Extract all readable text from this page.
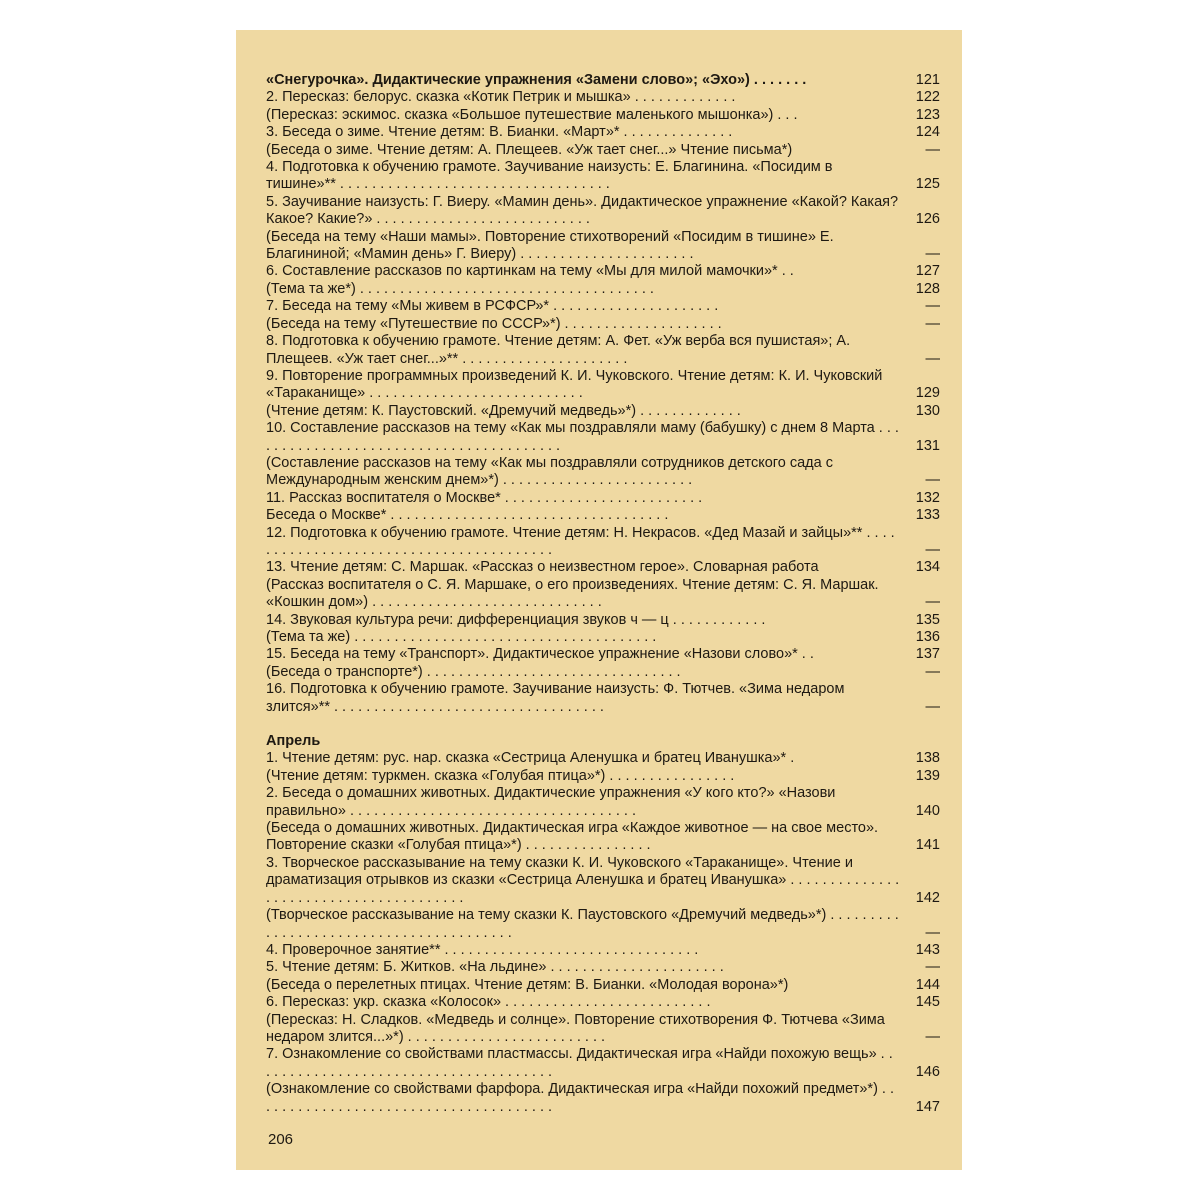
«Снегурочка». Дидактические упражнения «Замени слово»; «Эхо») . . . . . . .	121
2. Пересказ: белорус. сказка «Котик Петрик и мышка» . . . . . . . . . . . . .	122
(Пересказ: эскимос. сказка «Большое путешествие маленького мышонка») . . .	123
3. Беседа о зиме. Чтение детям: В. Бианки. «Март»* . . . . . . . . . . . . . .	124
(Беседа о зиме. Чтение детям: А. Плещеев. «Уж тает снег...» Чтение письма*)	—
4. Подготовка к обучению грамоте. Заучивание наизусть: Е. Благинина. «Посидим в тишине»** . . . . . . . . . . . . . . . . . . . . . . . . . . . . . . . . . .	125
5. Заучивание наизусть: Г. Виеру. «Мамин день». Дидактическое упражнение «Какой? Какая? Какое? Какие?» . . . . . . . . . . . . . . . . . . . . . . . . . . .	126
(Беседа на тему «Наши мамы». Повторение стихотворений «Посидим в тишине» Е. Благининой; «Мамин день» Г. Виеру) . . . . . . . . . . . . . . . . . . . . . .	—
6. Составление рассказов по картинкам на тему «Мы для милой мамочки»* . .	127
(Тема та же*) . . . . . . . . . . . . . . . . . . . . . . . . . . . . . . . . . . . . .	128
7. Беседа на тему «Мы живем в РСФСР»* . . . . . . . . . . . . . . . . . . . . .	—
(Беседа на тему «Путешествие по СССР»*) . . . . . . . . . . . . . . . . . . . .	—
8. Подготовка к обучению грамоте. Чтение детям: А. Фет. «Уж верба вся пушистая»; А. Плещеев. «Уж тает снег...»** . . . . . . . . . . . . . . . . . . . . .	—
9. Повторение программных произведений К. И. Чуковского. Чтение детям: К. И. Чуковский «Тараканище» . . . . . . . . . . . . . . . . . . . . . . . . . . .	129
(Чтение детям: К. Паустовский. «Дремучий медведь»*) . . . . . . . . . . . . .	130
10. Составление рассказов на тему «Как мы поздравляли маму (бабушку) с днем 8 Марта . . . . . . . . . . . . . . . . . . . . . . . . . . . . . . . . . . . . . . . .	131
(Составление рассказов на тему «Как мы поздравляли сотрудников детского сада с Международным женским днем»*) . . . . . . . . . . . . . . . . . . . . . . . .	—
11. Рассказ воспитателя о Москве* . . . . . . . . . . . . . . . . . . . . . . . . .	132
Беседа о Москве* . . . . . . . . . . . . . . . . . . . . . . . . . . . . . . . . . . .	133
12. Подготовка к обучению грамоте. Чтение детям: Н. Некрасов. «Дед Мазай и зайцы»** . . . . . . . . . . . . . . . . . . . . . . . . . . . . . . . . . . . . . . . .	—
13. Чтение детям: С. Маршак. «Рассказ о неизвестном герое». Словарная работа	134
(Рассказ воспитателя о С. Я. Маршаке, о его произведениях. Чтение детям: С. Я. Маршак. «Кошкин дом») . . . . . . . . . . . . . . . . . . . . . . . . . . . . .	—
14. Звуковая культура речи: дифференциация звуков ч — ц . . . . . . . . . . . .	135
(Тема та же) . . . . . . . . . . . . . . . . . . . . . . . . . . . . . . . . . . . . . .	136
15. Беседа на тему «Транспорт». Дидактическое упражнение «Назови слово»* . .	137
(Беседа о транспорте*) . . . . . . . . . . . . . . . . . . . . . . . . . . . . . . . .	—
16. Подготовка к обучению грамоте. Заучивание наизусть: Ф. Тютчев. «Зима недаром злится»** . . . . . . . . . . . . . . . . . . . . . . . . . . . . . . . . . .	—
Апрель
1. Чтение детям: рус. нар. сказка «Сестрица Аленушка и братец Иванушка»* .	138
(Чтение детям: туркмен. сказка «Голубая птица»*) . . . . . . . . . . . . . . . .	139
2. Беседа о домашних животных. Дидактические упражнения «У кого кто?» «Назови правильно» . . . . . . . . . . . . . . . . . . . . . . . . . . . . . . . . . . . .	140
(Беседа о домашних животных. Дидактическая игра «Каждое животное — на свое место». Повторение сказки «Голубая птица»*) . . . . . . . . . . . . . . . .	141
3. Творческое рассказывание на тему сказки К. И. Чуковского «Тараканище». Чтение и драматизация отрывков из сказки «Сестрица Аленушка и братец Иванушка» . . . . . . . . . . . . . . . . . . . . . . . . . . . . . . . . . . . . . . .	142
(Творческое рассказывание на тему сказки К. Паустовского «Дремучий медведь»*) . . . . . . . . . . . . . . . . . . . . . . . . . . . . . . . . . . . . . . . .	—
4. Проверочное занятие** . . . . . . . . . . . . . . . . . . . . . . . . . . . . . . . .	143
5. Чтение детям: Б. Житков. «На льдине» . . . . . . . . . . . . . . . . . . . . . .	—
(Беседа о перелетных птицах. Чтение детям: В. Бианки. «Молодая ворона»*)	144
6. Пересказ: укр. сказка «Колосок» . . . . . . . . . . . . . . . . . . . . . . . . . .	145
(Пересказ: Н. Сладков. «Медведь и солнце». Повторение стихотворения Ф. Тютчева «Зима недаром злится...»*) . . . . . . . . . . . . . . . . . . . . . . . . .	—
7. Ознакомление со свойствами пластмассы. Дидактическая игра «Найди похожую вещь» . . . . . . . . . . . . . . . . . . . . . . . . . . . . . . . . . . . . . .	146
(Ознакомление со свойствами фарфора. Дидактическая игра «Найди похожий предмет»*) . . . . . . . . . . . . . . . . . . . . . . . . . . . . . . . . . . . . . .	147
206
